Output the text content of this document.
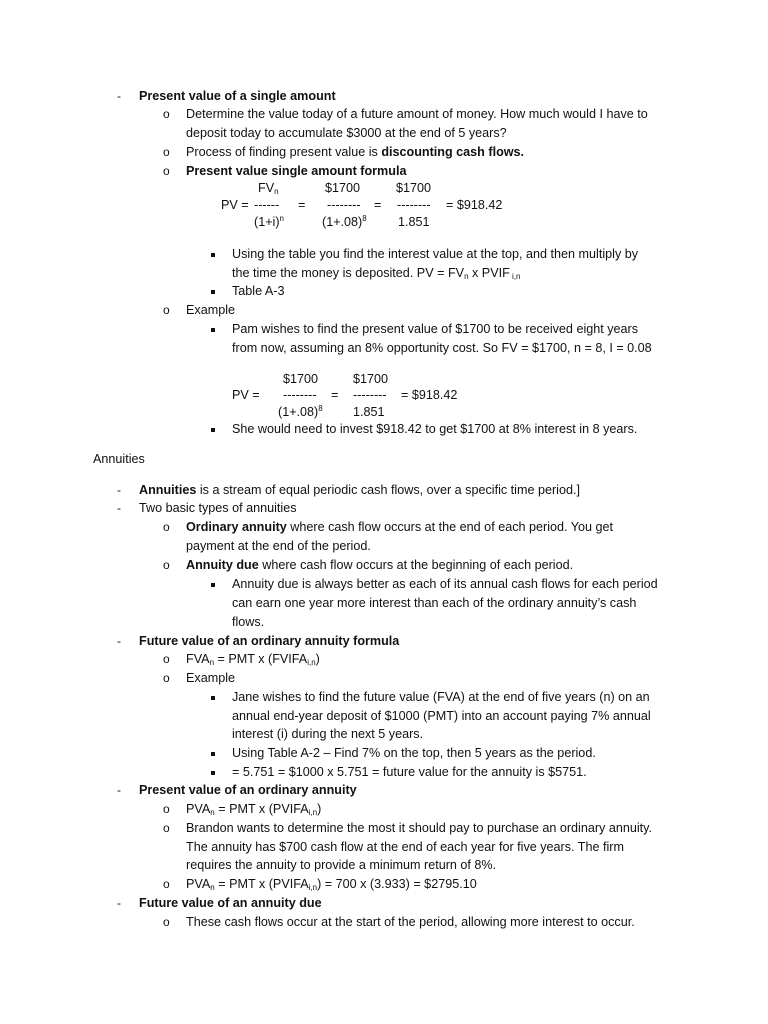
- Present value of a single amount
o Determine the value today of a future amount of money. How much would I have to
deposit today to accumulate $3000 at the end of 5 years?
o Process of finding present value is discounting cash flows.
o Present value single amount formula
$FV_n$	$1700	$1700
PV = ------ = -------- = -------- = $918.42
$(1+i)^n$	$(1+.08)^8$ 1.851
Using the table you find the interest value at the top, and then multiply by
the time the money is deposited. PV = $FV_n$ x PVIF $_{i,n}$
Table A-3
o Example
Pam wishes to find the present value of $1700 to be received eight years
from now, assuming an 8% opportunity cost. So FV = $1700, n = 8, I = 0.08
$1700	$1700
PV = -------- = -------- = $918.42
$(1+.08)^8$ 1.851
She would need to invest $918.42 to get $1700 at 8% interest in 8 years.
Annuities
- Annuities is a stream of equal periodic cash flows, over a specific time period.]
- Two basic types of annuities
o Ordinary annuity where cash flow occurs at the end of each period. You get
payment at the end of the period.
o Annuity due where cash flow occurs at the beginning of each period.
Annuity due is always better as each of its annual cash flows for each period
can earn one year more interest than each of the ordinary annuity’s cash
flows.
- Future value of an ordinary annuity formula
o $FVA_n$ = PMT x $(FVIFA_{i,n})$
o Example
Jane wishes to find the future value (FVA) at the end of five years (n) on an
annual end-year deposit of $1000 (PMT) into an account paying 7% annual
interest (i) during the next 5 years.
Using Table A-2 – Find 7% on the top, then 5 years as the period.
= 5.751 = $1000 x 5.751 = future value for the annuity is $5751.
- Present value of an ordinary annuity
o $PVA_n$ = PMT x $(PVIFA_{i,n})$
o Brandon wants to determine the most it should pay to purchase an ordinary annuity.
The annuity has $700 cash flow at the end of each year for five years. The firm
requires the annuity to provide a minimum return of 8%.
o $PVA_n$ = PMT x $(PVIFA_{i,n}) = 700$ x (3.933) = $2795.10
- Future value of an annuity due
o These cash flows occur at the start of the period, allowing more interest to occur.
